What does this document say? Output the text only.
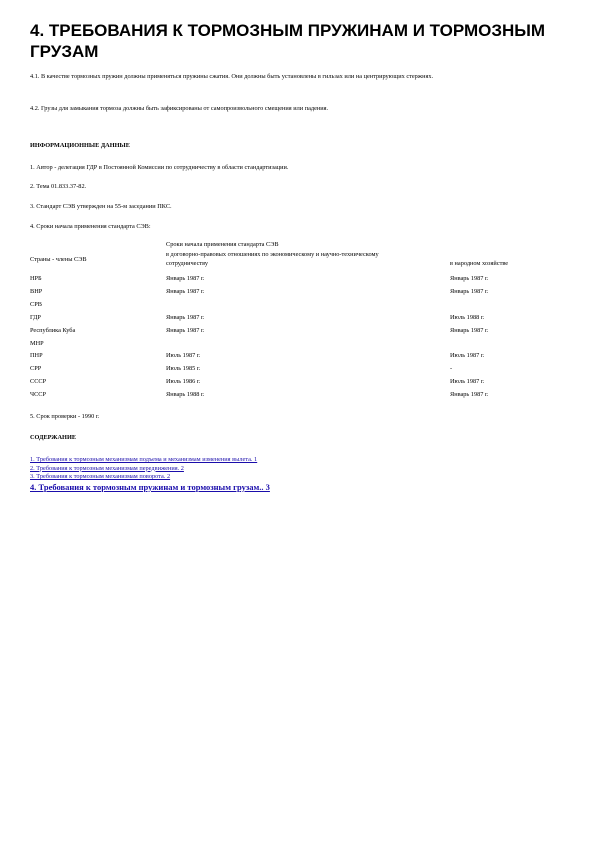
4. ТРЕБОВАНИЯ К ТОРМОЗНЫМ ПРУЖИНАМ И ТОРМОЗНЫМ ГРУЗАМ
4.1. В качестве тормозных пружин должны применяться пружины сжатия. Они должны быть установлены в гильзах или на центрирующих стержнях.
4.2. Грузы для замыкания тормоза должны быть зафиксированы от самопроизвольного смещения или падения.
ИНФОРМАЦИОННЫЕ ДАННЫЕ
1. Автор - делегация ГДР в Постоянной Комиссии по сотрудничеству в области стандартизации.
2. Тема 01.833.37-82.
3. Стандарт СЭВ утвержден на 55-м заседании ПКС.
4. Сроки начала применения стандарта СЭВ:
Страны - члены СЭВ	Сроки начала применения стандарта СЭВ
в договорно-правовых отношениях по экономическому и научно-техническому сотрудничеству	в народном хозяйстве
НРБ	Январь 1987 г.	Январь 1987 г.
ВНР	Январь 1987 г.	Январь 1987 г.
СРВ		
ГДР	Январь 1987 г.	Июль 1988 г.
Республика Куба	Январь 1987 г.	Январь 1987 г.
МНР		
ПНР	Июль 1987 г.	Июль 1987 г.
СРР	Июль 1985 г.	-
СССР	Июль 1986 г.	Июль 1987 г.
ЧССР	Январь 1988 г.	Январь 1987 г.
5. Срок проверки - 1990 г.
СОДЕРЖАНИЕ
1. Требования к тормозным механизмам подъема и механизмам изменения вылета. 1
2. Требования к тормозным механизмам передвижения. 2
3. Требования к тормозным механизмам поворота. 2
4. Требования к тормозным пружинам и тормозным грузам.. 3
